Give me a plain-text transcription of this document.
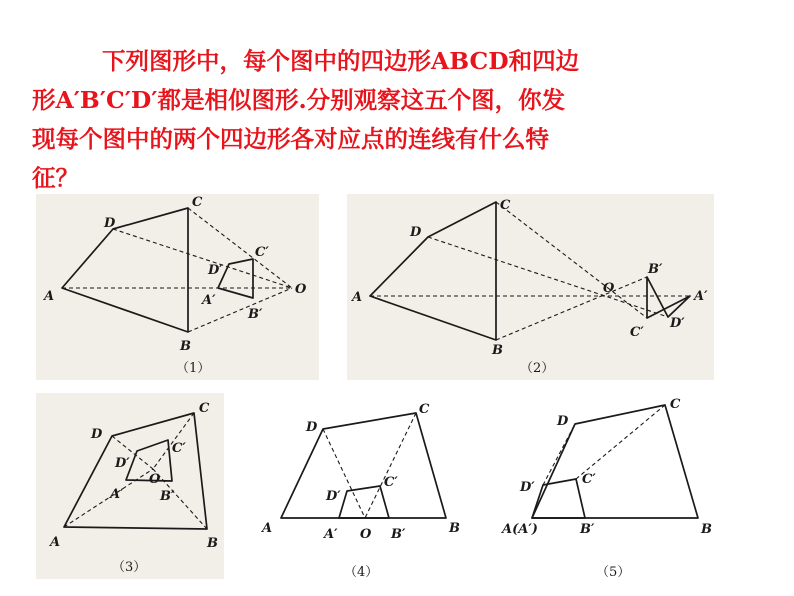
下列图形中，每个图中的四边形ABCD和四边
形A′B′C′D′都是相似图形.分别观察这五个图，你发
现每个图中的两个四边形各对应点的连线有什么特
征？
A
B
C
D
A′
B′
C′
D′
O
（1）
A
B
C
D
A′
B′
C′
D′
O
（2）
A	B
C
D
A′	B′
C′
D′
O
（3）
A	B
C
D
A′	B′
C′
D′
O
（4）
A(A′)	B
C
D
B′
C′
D′
（5）
